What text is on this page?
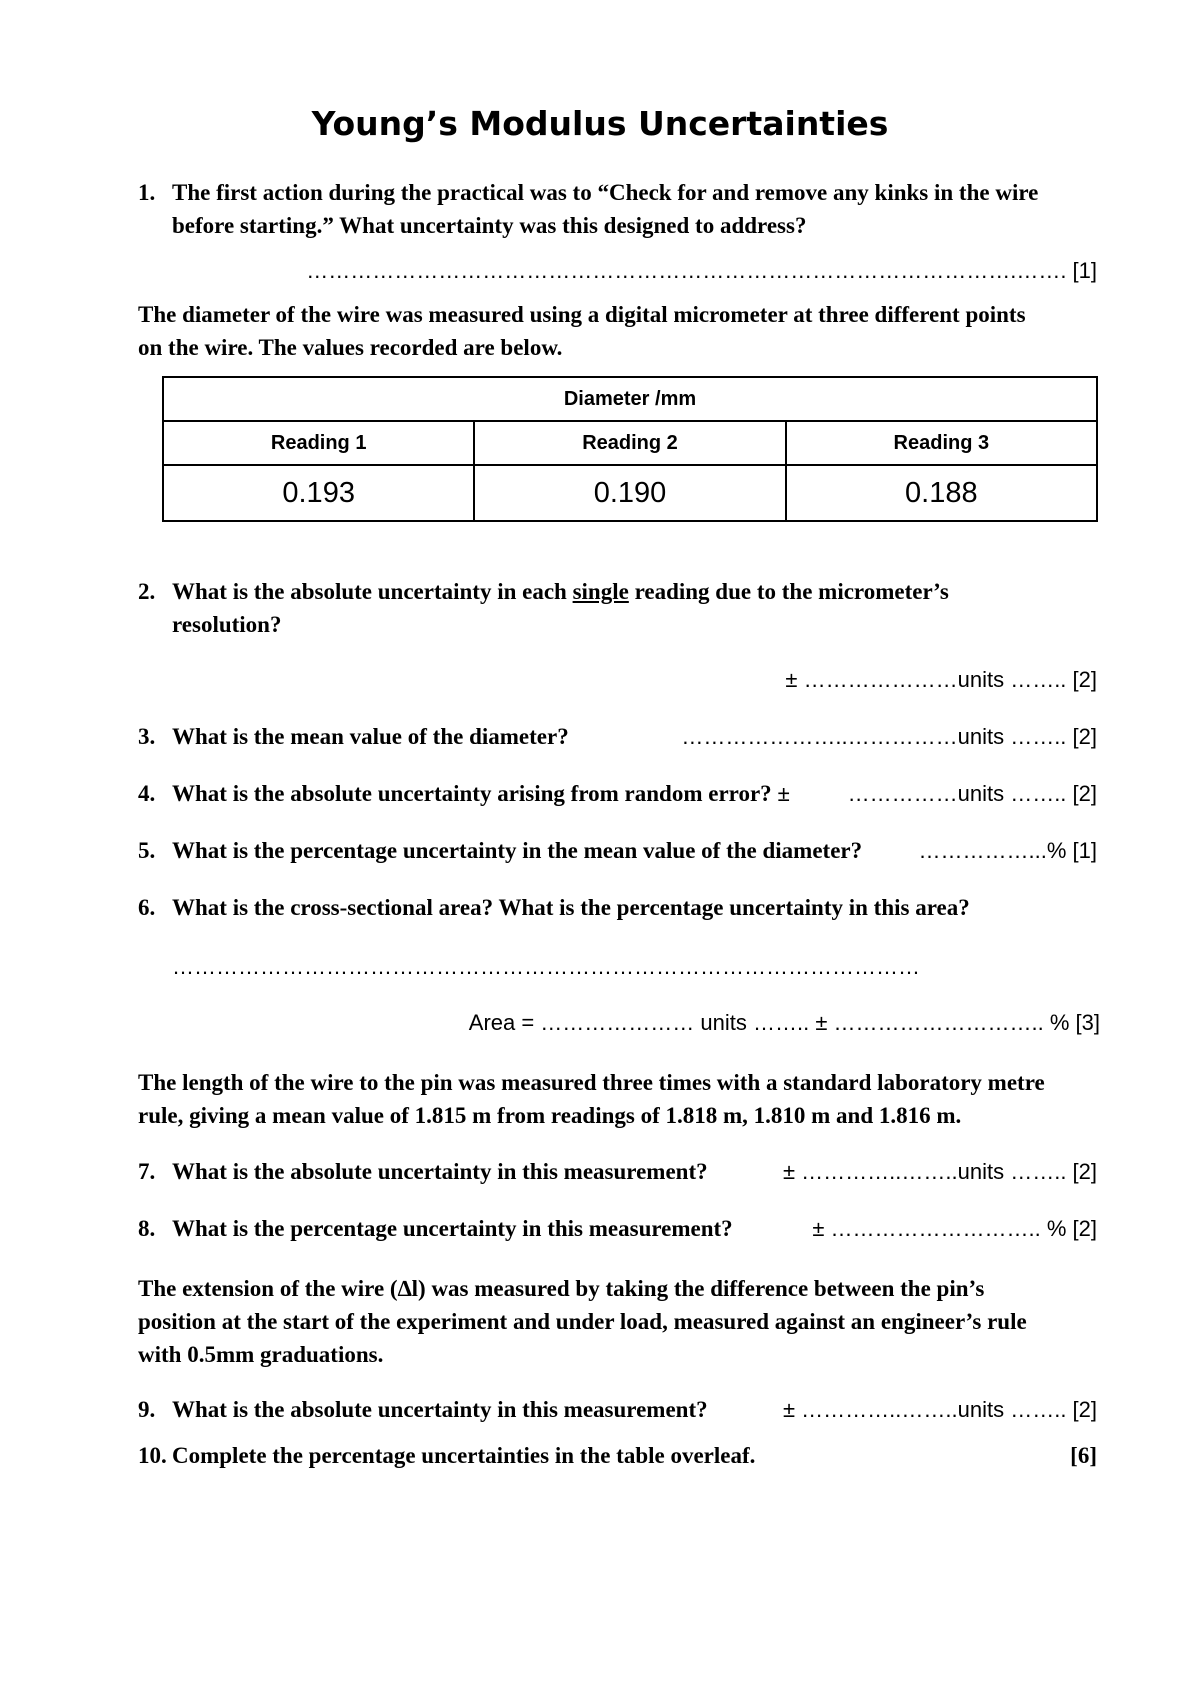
Young’s Modulus Uncertainties
1. The first action during the practical was to “Check for and remove any kinks in the wire
before starting.” What uncertainty was this designed to address?
…………………………………………………………………………………….……. [1]
The diameter of the wire was measured using a digital micrometer at three different points
on the wire. The values recorded are below.
Diameter /mm		
Reading 1	Reading 2	Reading 3
0.193	0.190	0.188
2. What is the absolute uncertainty in each single reading due to the micrometer’s
resolution?
± …………………units …….. [2]
3. What is the mean value of the diameter?	…………………..……………units …….. [2]
4. What is the absolute uncertainty arising from random error? ±	……………units …….. [2]
5. What is the percentage uncertainty in the mean value of the diameter?	……………...% [1]
6. What is the cross-sectional area? What is the percentage uncertainty in this area?
…………………………………………………………………………………………
Area = ………………… units …….. ± ……………………….. % [3]
The length of the wire to the pin was measured three times with a standard laboratory metre
rule, giving a mean value of 1.815 m from readings of 1.818 m, 1.810 m and 1.816 m.
7. What is the absolute uncertainty in this measurement?	± …………..……..units …….. [2]
8. What is the percentage uncertainty in this measurement?	± ……………………….. % [2]
The extension of the wire (∆l) was measured by taking the difference between the pin’s
position at the start of the experiment and under load, measured against an engineer’s rule
with 0.5mm graduations.
9. What is the absolute uncertainty in this measurement?	± …………..……..units …….. [2]
10. Complete the percentage uncertainties in the table overleaf.	[6]
